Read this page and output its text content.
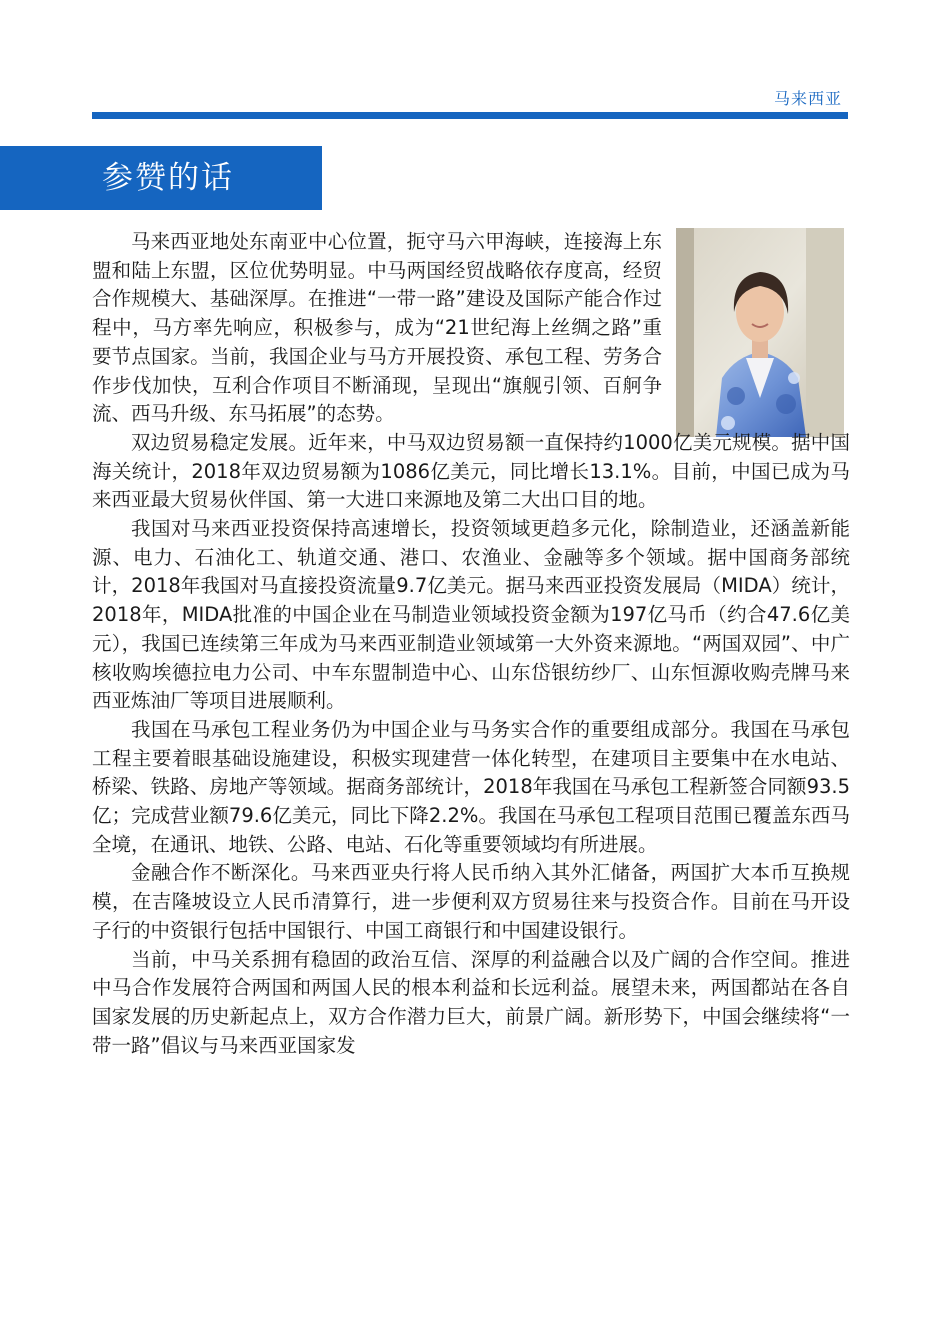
马来西亚
参赞的话

马来西亚地处东南亚中心位置，扼守马六甲海峡，连接海上东盟和陆上东盟，区位优势明显。中马两国经贸战略依存度高，经贸合作规模大、基础深厚。在推进“一带一路”建设及国际产能合作过程中，马方率先响应，积极参与，成为“21世纪海上丝绸之路”重要节点国家。当前，我国企业与马方开展投资、承包工程、劳务合作步伐加快，互利合作项目不断涌现，呈现出“旗舰引领、百舸争流、西马升级、东马拓展”的态势。

双边贸易稳定发展。近年来，中马双边贸易额一直保持约1000亿美元规模。据中国海关统计，2018年双边贸易额为1086亿美元，同比增长13.1%。目前，中国已成为马来西亚最大贸易伙伴国、第一大进口来源地及第二大出口目的地。

我国对马来西亚投资保持高速增长，投资领域更趋多元化，除制造业，还涵盖新能源、电力、石油化工、轨道交通、港口、农渔业、金融等多个领域。据中国商务部统计，2018年我国对马直接投资流量9.7亿美元。据马来西亚投资发展局（MIDA）统计，2018年，MIDA批准的中国企业在马制造业领域投资金额为197亿马币（约合47.6亿美元），我国已连续第三年成为马来西亚制造业领域第一大外资来源地。“两国双园”、中广核收购埃德拉电力公司、中车东盟制造中心、山东岱银纺纱厂、山东恒源收购壳牌马来西亚炼油厂等项目进展顺利。

我国在马承包工程业务仍为中国企业与马务实合作的重要组成部分。我国在马承包工程主要着眼基础设施建设，积极实现建营一体化转型，在建项目主要集中在水电站、桥梁、铁路、房地产等领域。据商务部统计，2018年我国在马承包工程新签合同额93.5亿；完成营业额79.6亿美元，同比下降2.2%。我国在马承包工程项目范围已覆盖东西马全境，在通讯、地铁、公路、电站、石化等重要领域均有所进展。

金融合作不断深化。马来西亚央行将人民币纳入其外汇储备，两国扩大本币互换规模，在吉隆坡设立人民币清算行，进一步便利双方贸易往来与投资合作。目前在马开设子行的中资银行包括中国银行、中国工商银行和中国建设银行。

当前，中马关系拥有稳固的政治互信、深厚的利益融合以及广阔的合作空间。推进中马合作发展符合两国和两国人民的根本利益和长远利益。展望未来，两国都站在各自国家发展的历史新起点上，双方合作潜力巨大，前景广阔。新形势下，中国会继续将“一带一路”倡议与马来西亚国家发
